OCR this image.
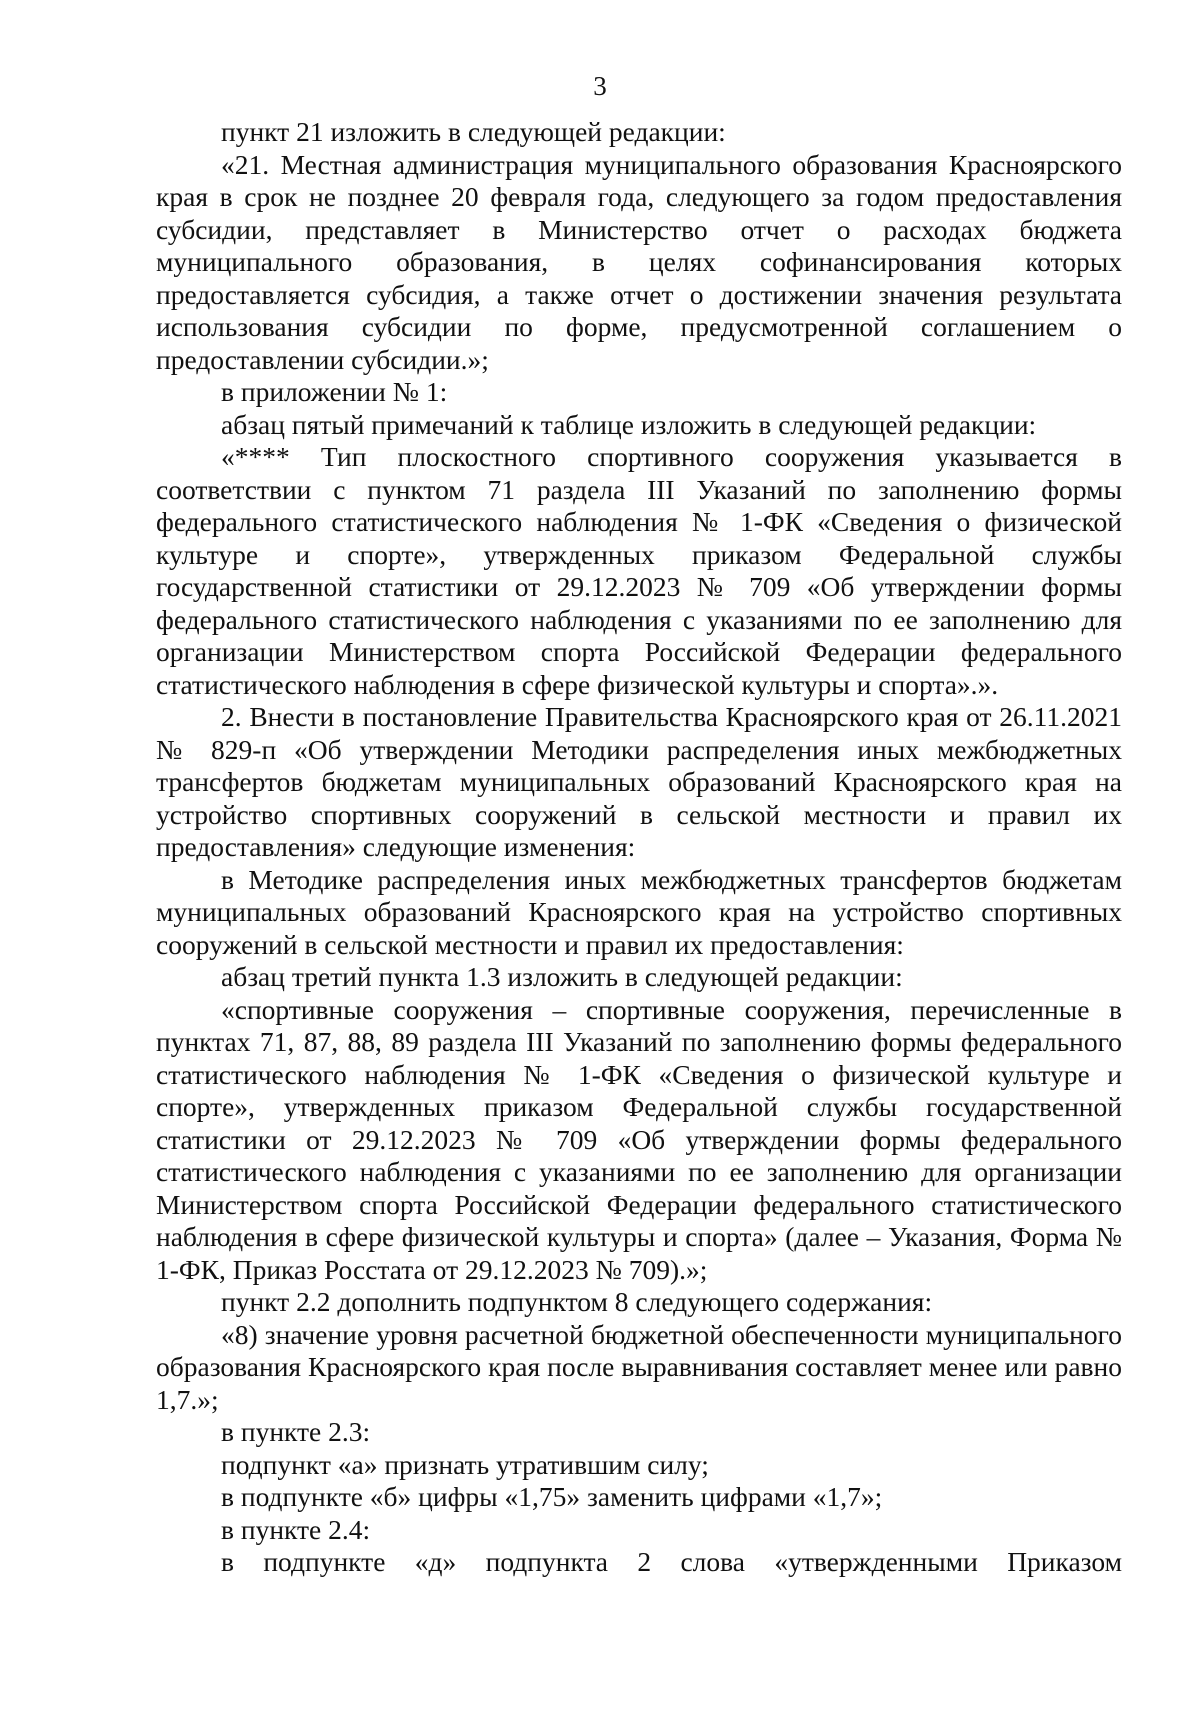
3

пункт 21 изложить в следующей редакции:

«21. Местная администрация муниципального образования Красноярского края в срок не позднее 20 февраля года, следующего за годом предоставления субсидии, представляет в Министерство отчет о расходах бюджета муниципального образования, в целях софинансирования которых предоставляется субсидия, а также отчет о достижении значения результата использования субсидии по форме, предусмотренной соглашением о предоставлении субсидии.»;

в приложении № 1:

абзац пятый примечаний к таблице изложить в следующей редакции:

«**** Тип плоскостного спортивного сооружения указывается в соответствии с пунктом 71 раздела III Указаний по заполнению формы федерального статистического наблюдения № 1-ФК «Сведения о физической культуре и спорте», утвержденных приказом Федеральной службы государственной статистики от 29.12.2023 № 709 «Об утверждении формы федерального статистического наблюдения с указаниями по ее заполнению для организации Министерством спорта Российской Федерации федерального статистического наблюдения в сфере физической культуры и спорта».».

2. Внести в постановление Правительства Красноярского края от 26.11.2021 № 829-п «Об утверждении Методики распределения иных межбюджетных трансфертов бюджетам муниципальных образований Красноярского края на устройство спортивных сооружений в сельской местности и правил их предоставления» следующие изменения:

в Методике распределения иных межбюджетных трансфертов бюджетам муниципальных образований Красноярского края на устройство спортивных сооружений в сельской местности и правил их предоставления:

абзац третий пункта 1.3 изложить в следующей редакции:

«спортивные сооружения – спортивные сооружения, перечисленные в пунктах 71, 87, 88, 89 раздела III Указаний по заполнению формы федерального статистического наблюдения № 1-ФК «Сведения о физической культуре и спорте», утвержденных приказом Федеральной службы государственной статистики от 29.12.2023 № 709 «Об утверждении формы федерального статистического наблюдения с указаниями по ее заполнению для организации Министерством спорта Российской Федерации федерального статистического наблюдения в сфере физической культуры и спорта» (далее – Указания, Форма № 1-ФК, Приказ Росстата от 29.12.2023 № 709).»;

пункт 2.2 дополнить подпунктом 8 следующего содержания:

«8) значение уровня расчетной бюджетной обеспеченности муниципального образования Красноярского края после выравнивания составляет менее или равно 1,7.»;

в пункте 2.3:

подпункт «а» признать утратившим силу;

в подпункте «б» цифры «1,75» заменить цифрами «1,7»;

в пункте 2.4:

в подпункте «д» подпункта 2 слова «утвержденными Приказом
